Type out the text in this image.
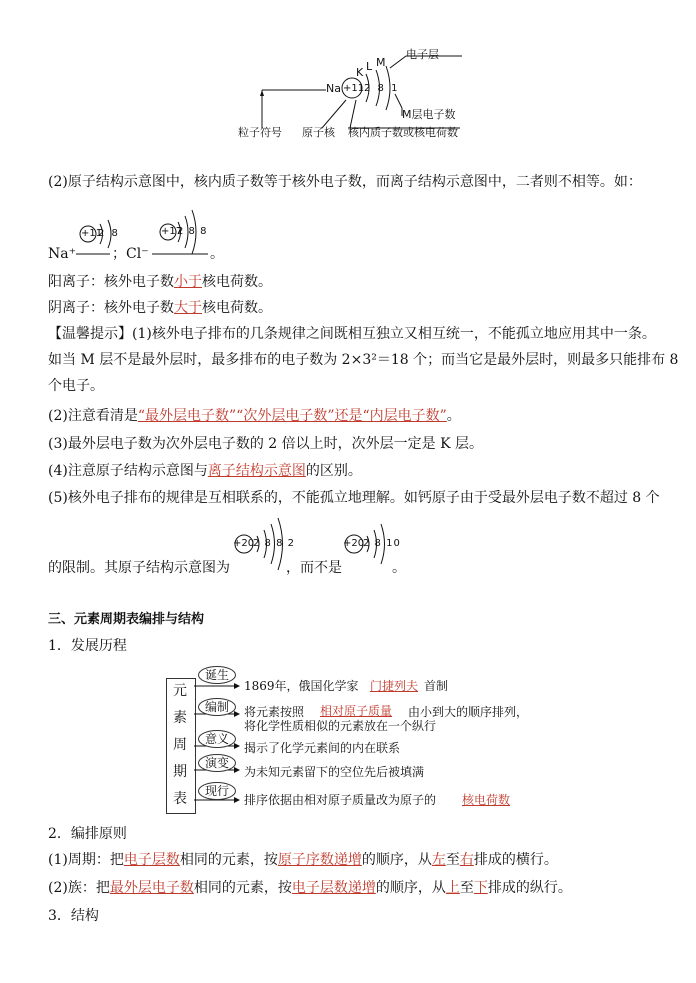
Na +11 2 8 1
K L M
电子层
M层电子数
粒子符号 原子核 核内质子数或核电荷数
(2)原子结构示意图中，核内质子数等于核外电子数，而离子结构示意图中，二者则不相等。如：
Na⁺
+11
2 8
；Cl⁻
+17
2 8 8
。
阳离子：核外电子数小于核电荷数。
阴离子：核外电子数大于核电荷数。
【温馨提示】(1)核外电子排布的几条规律之间既相互独立又相互统一，不能孤立地应用其中一条。
如当 M 层不是最外层时，最多排布的电子数为 2×3²＝18 个；而当它是最外层时，则最多只能排布 8
个电子。
(2)注意看清是“最外层电子数”“次外层电子数”还是“内层电子数”。
(3)最外层电子数为次外层电子数的 2 倍以上时，次外层一定是 K 层。
(4)注意原子结构示意图与离子结构示意图的区别。
(5)核外电子排布的规律是互相联系的，不能孤立地理解。如钙原子由于受最外层电子数不超过 8 个
+20
2 8 8 2	+20
2 8 10
的限制。其原子结构示意图为	，而不是	。
三、元素周期表编排与结构
1．发展历程
元
素
周
期
表
诞生
编制
意义
演变
现行
1869年，俄国化学家 门捷列夫 首制
将元素按照 相对原子质量 由小到大的顺序排列，
将化学性质相似的元素放在一个纵行
揭示了化学元素间的内在联系
为未知元素留下的空位先后被填满
排序依据由相对原子质量改为原子的 核电荷数
2．编排原则
(1)周期：把电子层数相同的元素，按原子序数递增的顺序，从左至右排成的横行。
(2)族：把最外层电子数相同的元素，按电子层数递增的顺序，从上至下排成的纵行。
3．结构
